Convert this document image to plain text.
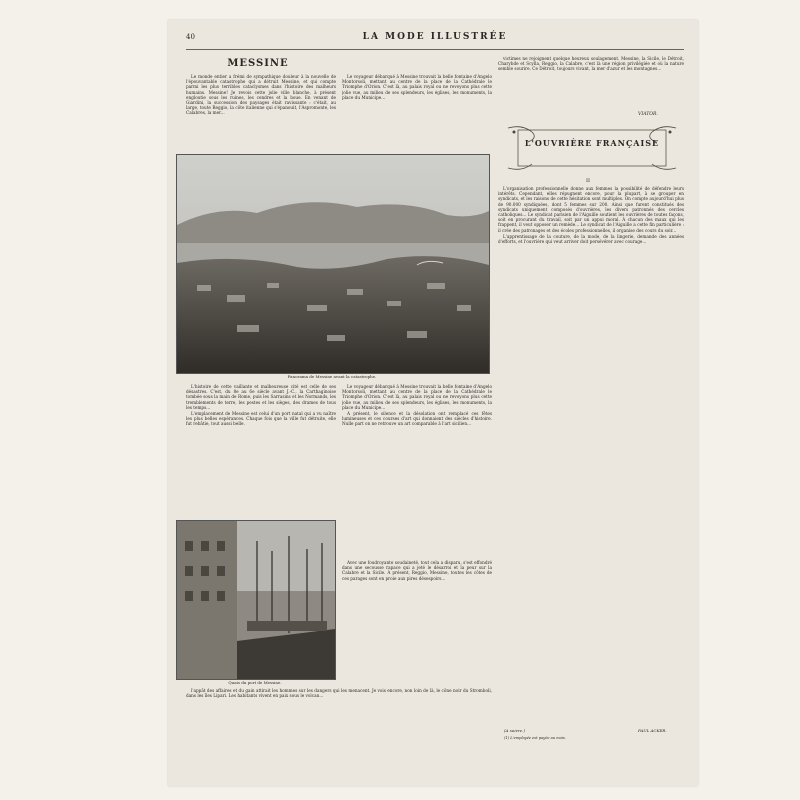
40	LA MODE ILLUSTRÉE
MESSINE

Le monde entier a frémi de sympathique douleur à la nouvelle de l'épouvantable catastrophe qui a détruit Messine, et qui compte parmi les plus terribles cataclysmes dans l'histoire des malheurs humains. Messine! Je revois cette jolie ville blanche, à présent engloutie sous les ruines, les cendres et la boue. En venant de Giardini, la succession des paysages était ravissante : c'était, au large, toute Reggio, la côte italienne qui s'épanouit, l'Aspromonte, les Calabres, la mer...

Le voyageur débarqué à Messine trouvait la belle fontaine d'Angelo Montorsoli, mettant au centre de la place de la Cathédrale le Triomphe d'Orion. C'est là, au palais royal ou ne revoyons plus cette jolie vue, au milieu de ses splendeurs, les églises, les monuments, la place du Municipe...

Panorama de Messine avant la catastrophe.

L'histoire de cette vaillante et malheureuse cité est celle de ses désastres. C'est, du 8e au 6e siècle avant J.-C., la Carthaginoise tombée sous la main de Rome, puis les Sarrasins et les Normands, les tremblements de terre, les pestes et les sièges, des drames de tous les temps...

L'emplacement de Messine est celui d'un port natal qui a vu naître les plus belles espérances. Chaque fois que la ville fut détruite, elle fut rebâtie, tout aussi belle.

Le voyageur débarqué à Messine trouvait la belle fontaine d'Angelo Montorsoli, mettant au centre de la place de la Cathédrale le Triomphe d'Orion. C'est là, au palais royal ou ne revoyons plus cette jolie vue, au milieu de ses splendeurs, les églises, les monuments, la place du Municipe...

A présent, le silence et la désolation ont remplacé ces fêtes lumineuses et ces courses d'art qui donnaient des siècles d'histoire. Nulle part on ne retrouve un art comparable à l'art sicilien...

Quais du port de Messine.

Avec une foudroyante soudaineté, tout cela a disparu, s'est effondré dans une secousse rapace qui a jeté le désarroi et la peur sur la Calabre et la Sicile. À présent, Reggio, Messine, toutes les côtes de ces parages sont en proie aux pires désespoirs...

l'appât des affaires et du gain attirait les hommes sur les dangers qui les menacent. Je vois encore, non loin de là, le cône noir du Stromboli, dans les îles Lipari. Les habitants vivent en paix sous le volcan...

victimes ne rejoignent quelque heureux soulagement. Messine, la Sicile, le Détroit, Charybde et Scylla, Reggio, la Calabre, c'est là une région privilégiée et où la nature semble sourire. Ce Détroit, toujours vivant, la mer d'azur et les montagnes...

VIATOR.
L'OUVRIÈRE FRANÇAISE
II

L'organisation professionnelle donne aux femmes la possibilité de défendre leurs intérêts. Cependant, elles répugnent encore, pour la plupart, à se grouper en syndicats, et les raisons de cette hésitation sont multiples. On compte aujourd'hui plus de 90.000 syndiquées, dont 5 femmes sur 200. Ainsi que furent constitués des syndicats uniquement composés d'ouvrières, les divers patronnés des cercles catholiques... Le syndicat parisien de l'Aiguille soutient les ouvrières de toutes façons, soit en procurant du travail, soit par un appui moral. À chacun des maux qui les frappent, il veut opposer un remède... Le syndicat de l'Aiguille a cette fin particulière : il crée des patronages et des écoles professionnelles, il organise des cours du soir...

L'apprentissage de la couture, de la mode, de la lingerie, demande des années d'efforts, et l'ouvrière qui veut arriver doit persévérer avec courage...

(A suivre.)	PAUL ACKER.
(1) L'employée est payée au mois.
